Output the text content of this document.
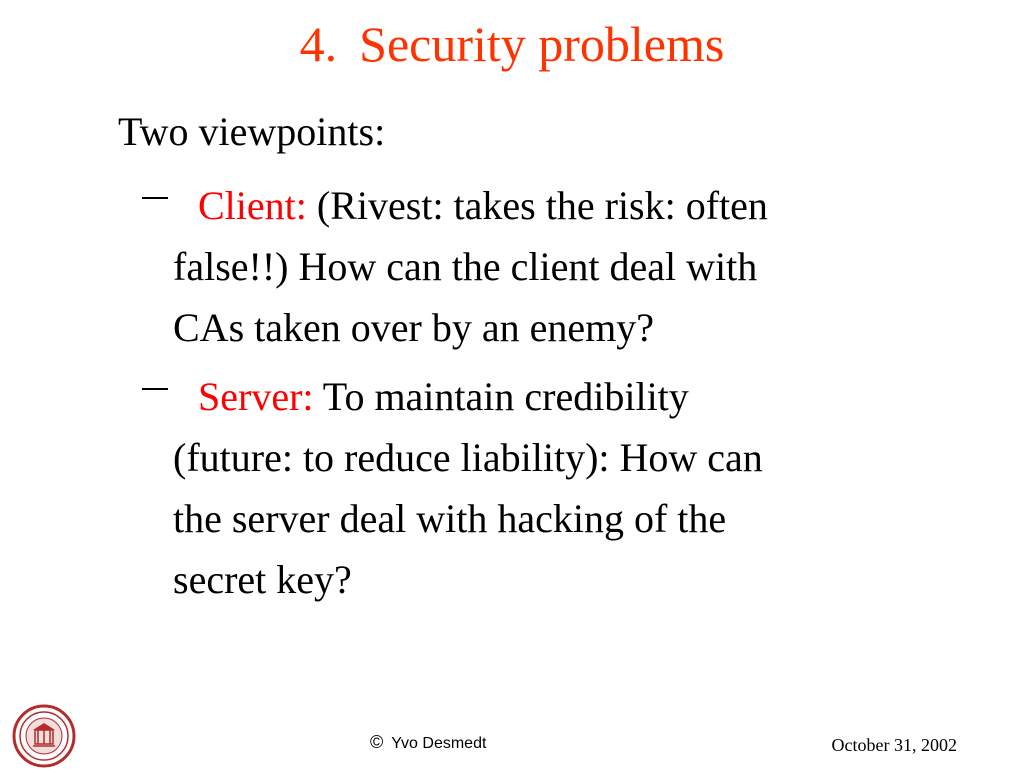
4. Security problems
Two viewpoints:
Client: (Rivest: takes the risk: often
false!!) How can the client deal with
CAs taken over by an enemy?
Server: To maintain credibility
(future: to reduce liability): How can
the server deal with hacking of the
secret key?
© Yvo Desmedt	October 31, 2002
